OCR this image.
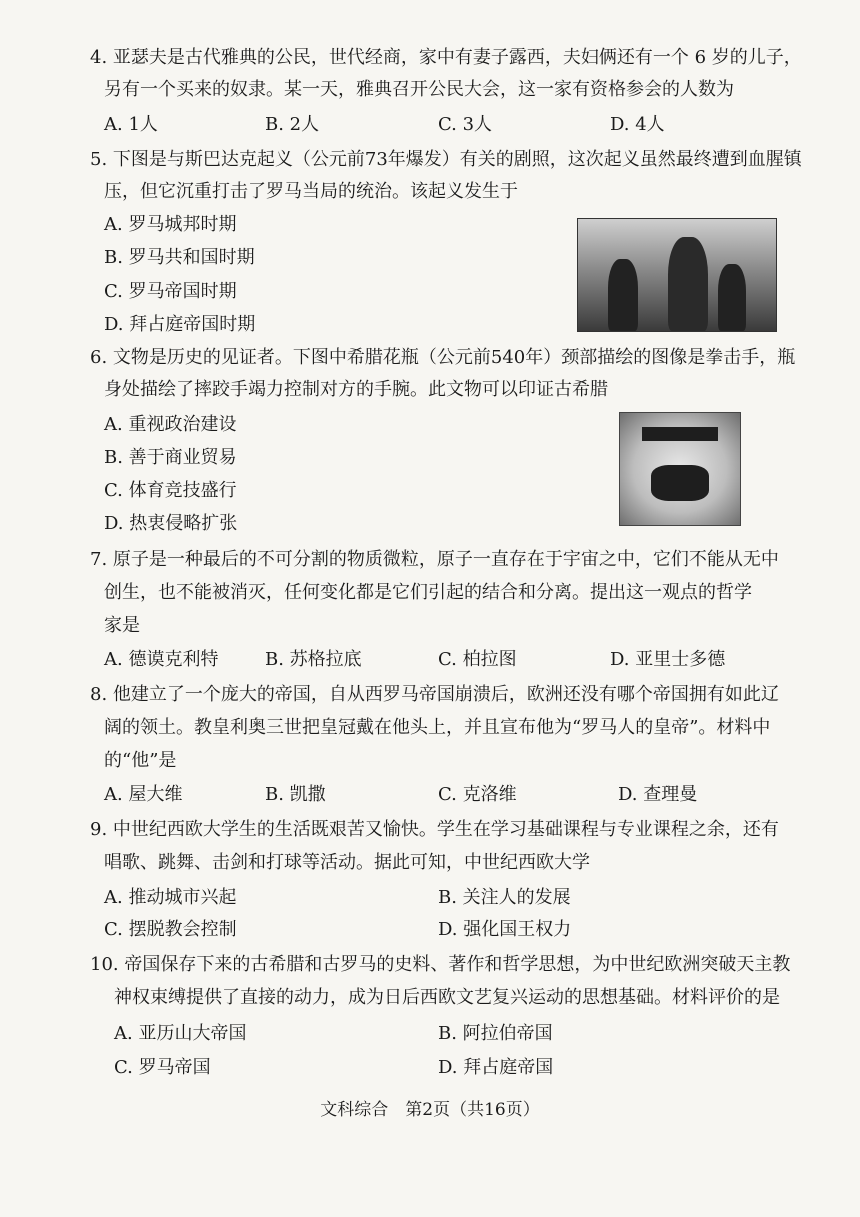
4. 亚瑟夫是古代雅典的公民，世代经商，家中有妻子露西，夫妇俩还有一个 6 岁的儿子，
另有一个买来的奴隶。某一天，雅典召开公民大会，这一家有资格参会的人数为
A. 1人	B. 2人	C. 3人	D. 4人
5. 下图是与斯巴达克起义（公元前73年爆发）有关的剧照，这次起义虽然最终遭到血腥镇
压，但它沉重打击了罗马当局的统治。该起义发生于
A. 罗马城邦时期
B. 罗马共和国时期
C. 罗马帝国时期
D. 拜占庭帝国时期
6. 文物是历史的见证者。下图中希腊花瓶（公元前540年）颈部描绘的图像是拳击手，瓶
身处描绘了摔跤手竭力控制对方的手腕。此文物可以印证古希腊
A. 重视政治建设
B. 善于商业贸易
C. 体育竞技盛行
D. 热衷侵略扩张
7. 原子是一种最后的不可分割的物质微粒，原子一直存在于宇宙之中，它们不能从无中
创生，也不能被消灭，任何变化都是它们引起的结合和分离。提出这一观点的哲学
家是
A. 德谟克利特	B. 苏格拉底	C. 柏拉图	D. 亚里士多德
8. 他建立了一个庞大的帝国，自从西罗马帝国崩溃后，欧洲还没有哪个帝国拥有如此辽
阔的领土。教皇利奥三世把皇冠戴在他头上，并且宣布他为“罗马人的皇帝”。材料中
的“他”是
A. 屋大维	B. 凯撒	C. 克洛维	D. 查理曼
9. 中世纪西欧大学生的生活既艰苦又愉快。学生在学习基础课程与专业课程之余，还有
唱歌、跳舞、击剑和打球等活动。据此可知，中世纪西欧大学
A. 推动城市兴起	B. 关注人的发展
C. 摆脱教会控制	D. 强化国王权力
10. 帝国保存下来的古希腊和古罗马的史料、著作和哲学思想，为中世纪欧洲突破天主教
神权束缚提供了直接的动力，成为日后西欧文艺复兴运动的思想基础。材料评价的是
A. 亚历山大帝国	B. 阿拉伯帝国
C. 罗马帝国	D. 拜占庭帝国
文科综合　第2页（共16页）
